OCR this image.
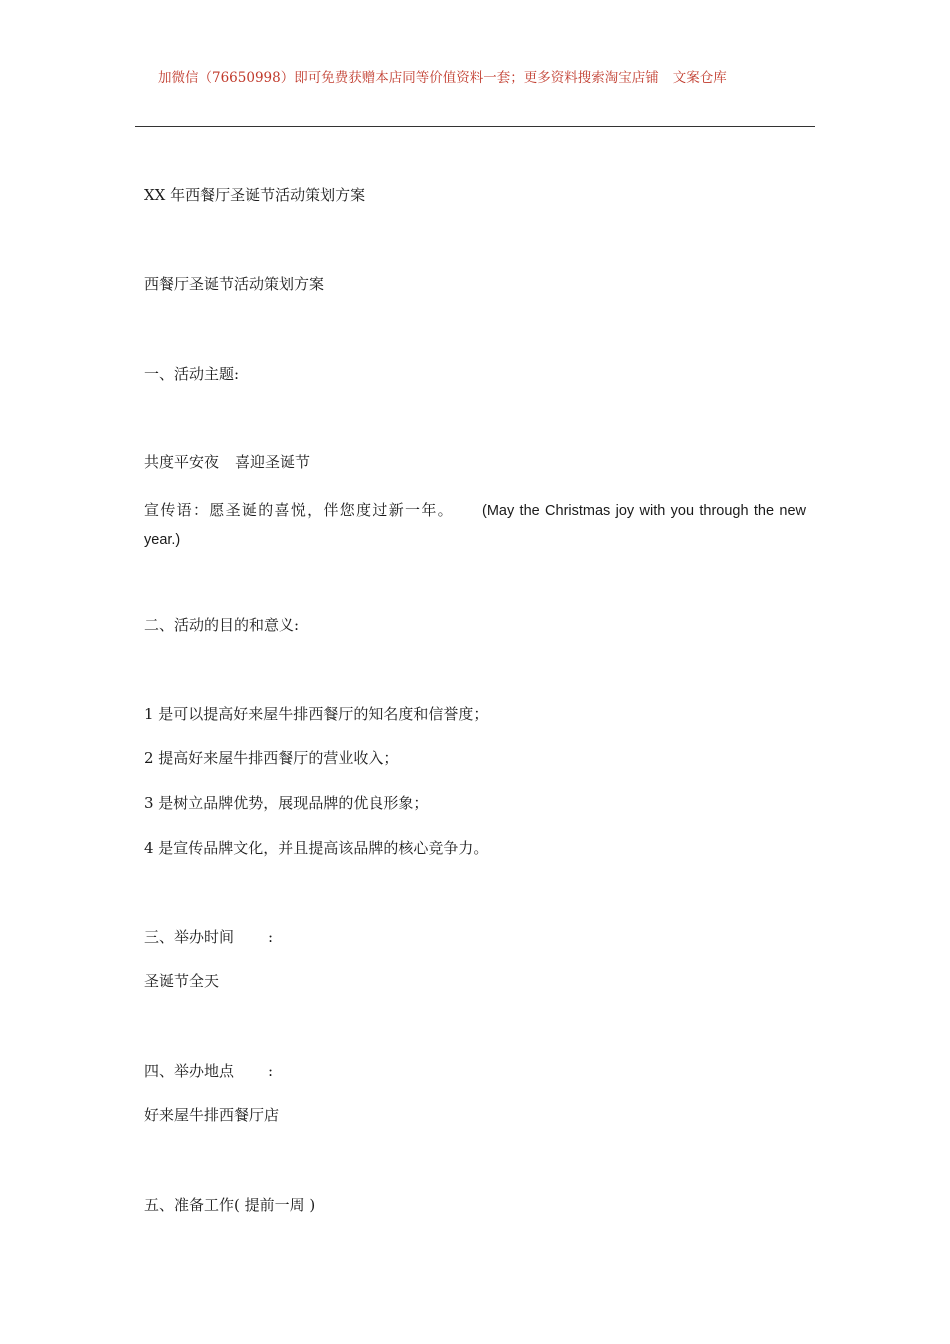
加微信（76650998）即可免费获赠本店同等价值资料一套；更多资料搜索淘宝店铺 文案仓库
XX 年西餐厅圣诞节活动策划方案
西餐厅圣诞节活动策划方案
一、活动主题:
共度平安夜 喜迎圣诞节
宣传语：愿圣诞的喜悦，伴您度过新一年。 (May the Christmas joy with you through the new year.)
二、活动的目的和意义:
1 是可以提高好来屋牛排西餐厅的知名度和信誉度；
2 提高好来屋牛排西餐厅的营业收入；
3 是树立品牌优势，展现品牌的优良形象；
4 是宣传品牌文化，并且提高该品牌的核心竞争力。
三、举办时间 :
圣诞节全天
四、举办地点 :
好来屋牛排西餐厅店
五、准备工作( 提前一周 )
